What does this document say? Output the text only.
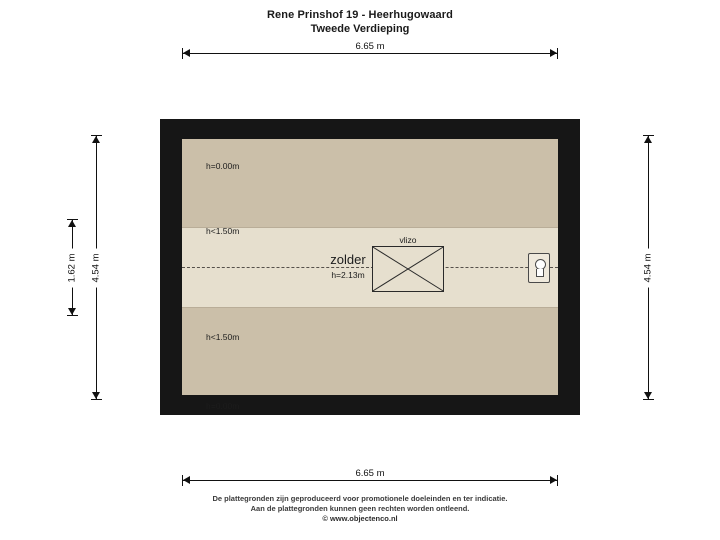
Rene Prinshof 19 - Heerhugowaard
Tweede Verdieping
6.65 m
4.54 m
1.62 m	4.54 m
h=0.00m
h<1.50m
h<1.50m
h=0.00m
zolder
h=2.13m
vlizo
6.65 m
De plattegronden zijn geproduceerd voor promotionele doeleinden en ter indicatie.
Aan de plattegronden kunnen geen rechten worden ontleend.
© www.objectenco.nl
